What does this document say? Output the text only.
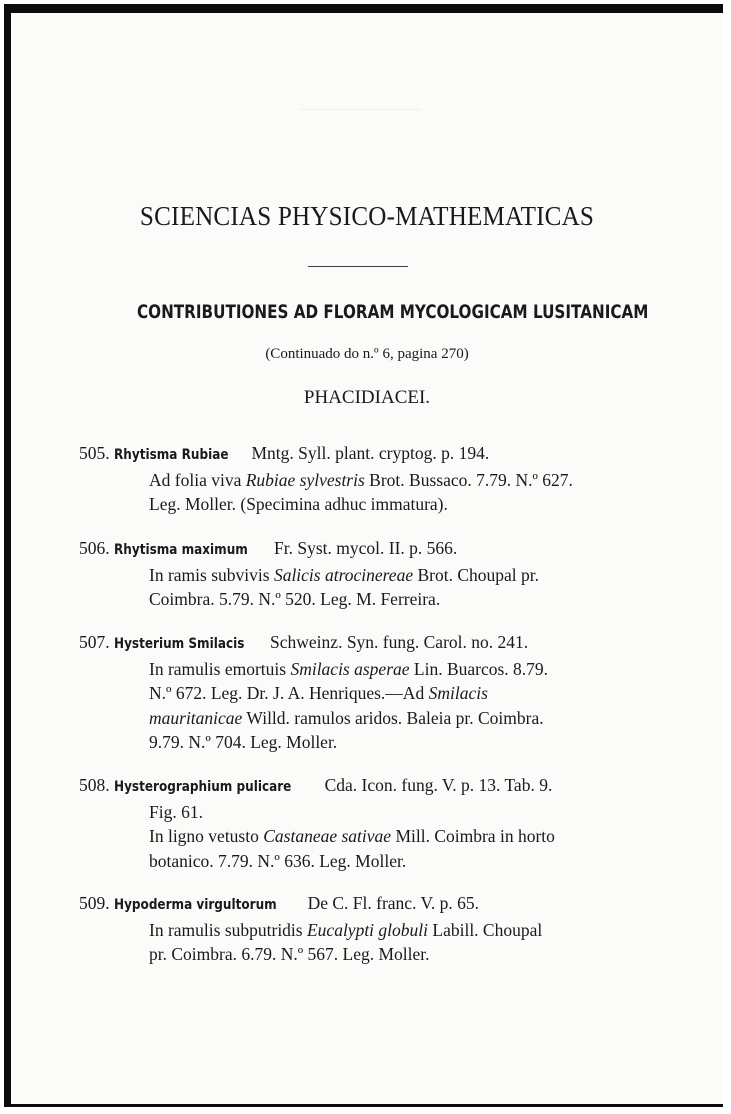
SCIENCIAS PHYSICO-MATHEMATICAS
CONTRIBUTIONES AD FLORAM MYCOLOGICAM LUSITANICAM
(Continuado do n.º 6, pagina 270)
PHACIDIACEI.
505. Rhytisma Rubiae Mntg. Syll. plant. cryptog. p. 194.
Ad folia viva Rubiae sylvestris Brot. Bussaco. 7.79. N.º 627.
Leg. Moller. (Specimina adhuc immatura).
506. Rhytisma maximum Fr. Syst. mycol. II. p. 566.
In ramis subvivis Salicis atrocinereae Brot. Choupal pr.
Coimbra. 5.79. N.º 520. Leg. M. Ferreira.
507. Hysterium Smilacis Schweinz. Syn. fung. Carol. no. 241.
In ramulis emortuis Smilacis asperae Lin. Buarcos. 8.79.
N.º 672. Leg. Dr. J. A. Henriques.—Ad Smilacis
mauritanicae Willd. ramulos aridos. Baleia pr. Coimbra.
9.79. N.º 704. Leg. Moller.
508. Hysterographium pulicare Cda. Icon. fung. V. p. 13. Tab. 9.
Fig. 61.
In ligno vetusto Castaneae sativae Mill. Coimbra in horto
botanico. 7.79. N.º 636. Leg. Moller.
509. Hypoderma virgultorum De C. Fl. franc. V. p. 65.
In ramulis subputridis Eucalypti globuli Labill. Choupal
pr. Coimbra. 6.79. N.º 567. Leg. Moller.
